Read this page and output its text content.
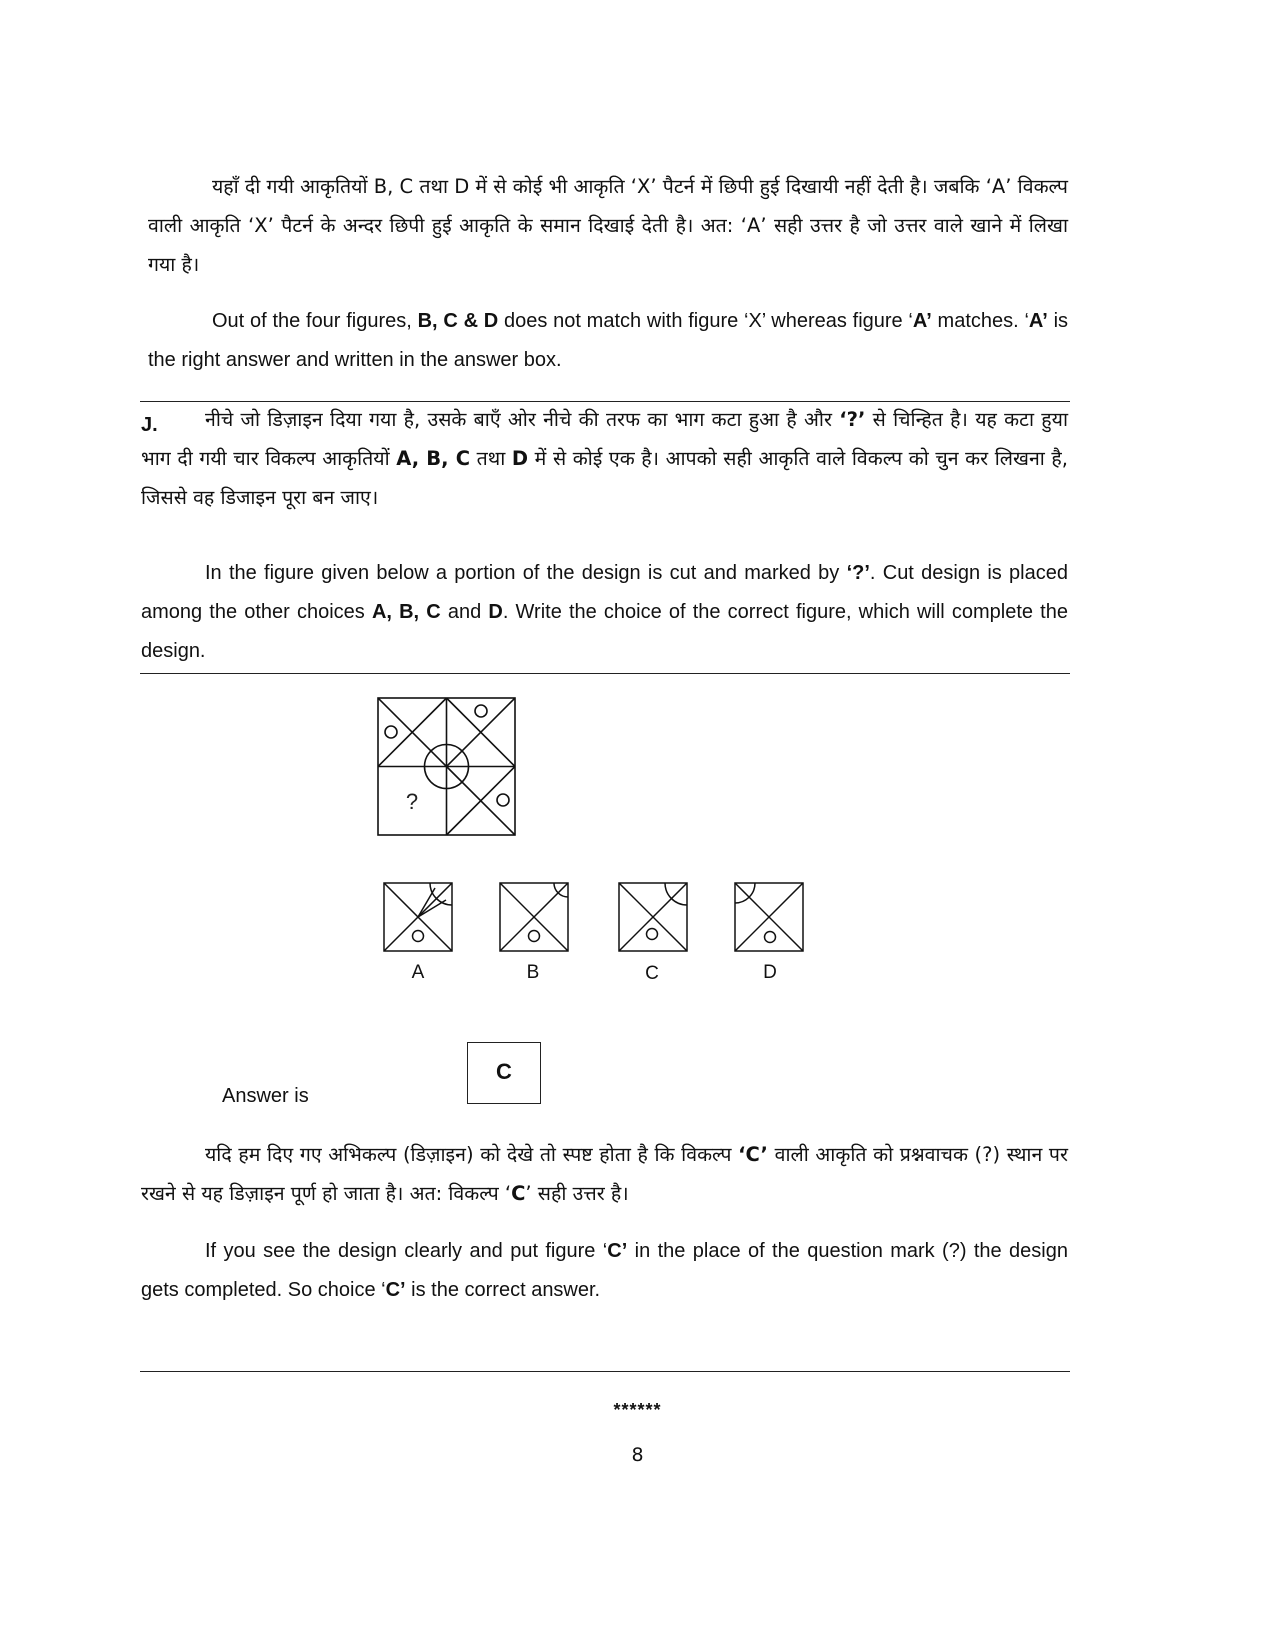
यहाँ दी गयी आकृतियों B, C तथा D में से कोई भी आकृति ‘X’ पैटर्न में छिपी हुई दिखायी नहीं देती है। जबकि ‘A’ विकल्प वाली आकृति ‘X’ पैटर्न के अन्दर छिपी हुई आकृति के समान दिखाई देती है। अत: ‘A’ सही उत्तर है जो उत्तर वाले खाने में लिखा गया है।
Out of the four figures, B, C & D does not match with figure ‘X’ whereas figure ‘A’ matches. ‘A’ is the right answer and written in the answer box.
J.	नीचे जो डिज़ाइन दिया गया है, उसके बाएँ ओर नीचे की तरफ का भाग कटा हुआ है और ‘?’ से चिन्हित है। यह कटा हुया भाग दी गयी चार विकल्प आकृतियों A, B, C तथा D में से कोई एक है। आपको सही आकृति वाले विकल्प को चुन कर लिखना है, जिससे वह डिजाइन पूरा बन जाए।
In the figure given below a portion of the design is cut and marked by ‘?’. Cut design is placed among the other choices A, B, C and D. Write the choice of the correct figure, which will complete the design.
?
A	B	C	D
Answer is
C
यदि हम दिए गए अभिकल्प (डिज़ाइन) को देखे तो स्पष्ट होता है कि विकल्प ‘C’ वाली आकृति को प्रश्नवाचक (?) स्थान पर रखने से यह डिज़ाइन पूर्ण हो जाता है। अत: विकल्प ‘C’ सही उत्तर है।
If you see the design clearly and put figure ‘C’ in the place of the question mark (?) the design gets completed. So choice ‘C’ is the correct answer.
******
8
